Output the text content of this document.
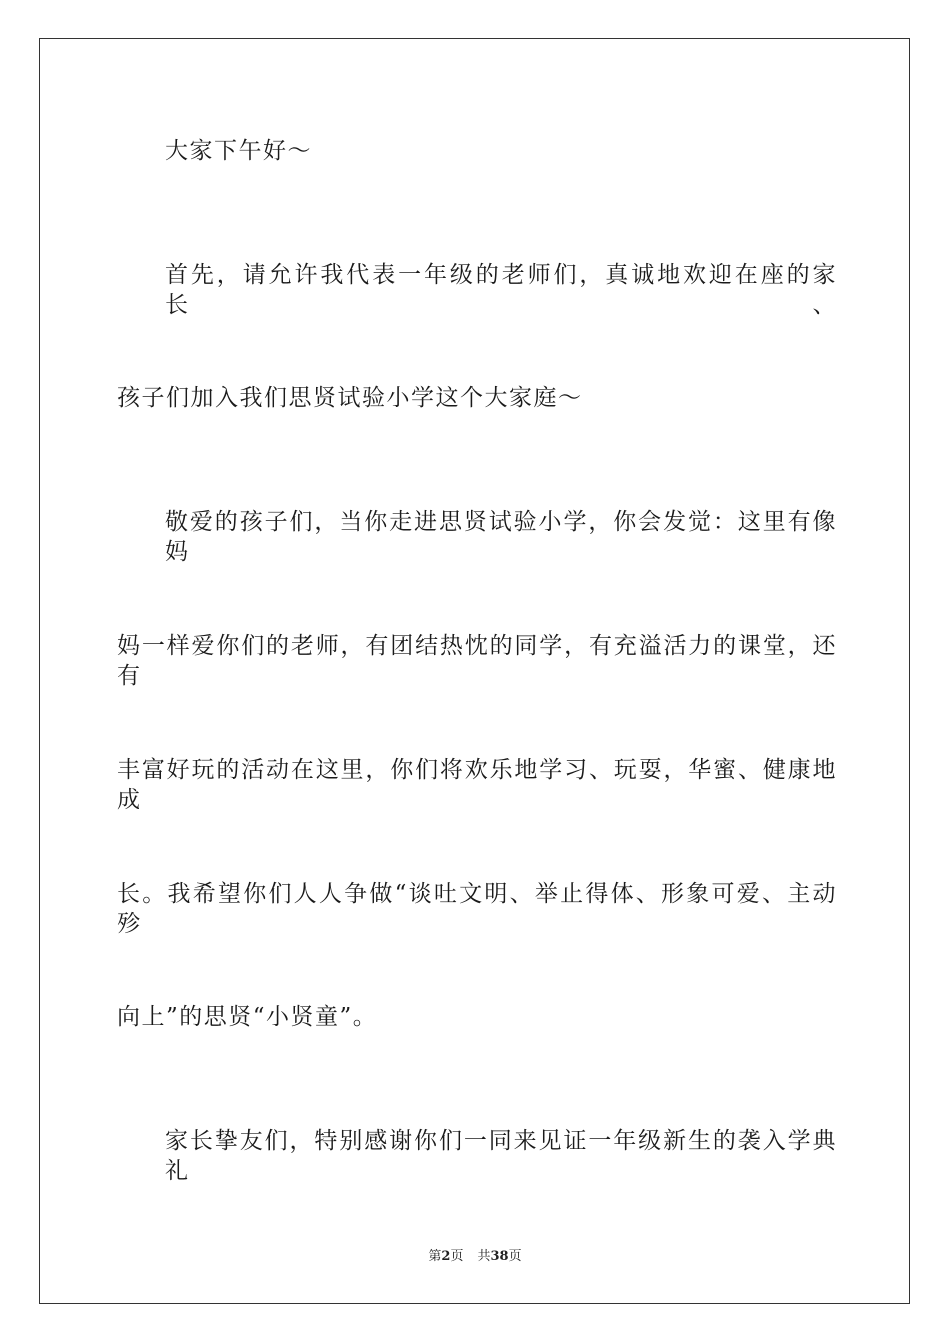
大家下午好～
首先，请允许我代表一年级的老师们，真诚地欢迎在座的家长、
孩子们加入我们思贤试验小学这个大家庭～
敬爱的孩子们，当你走进思贤试验小学，你会发觉：这里有像妈
妈一样爱你们的老师，有团结热忱的同学，有充溢活力的课堂，还有
丰富好玩的活动在这里，你们将欢乐地学习、玩耍，华蜜、健康地成
长。我希望你们人人争做“谈吐文明、举止得体、形象可爱、主动殄
向上”的思贤“小贤童”。
家长挚友们，特别感谢你们一同来见证一年级新生的袭入学典礼
第2页 共38页
